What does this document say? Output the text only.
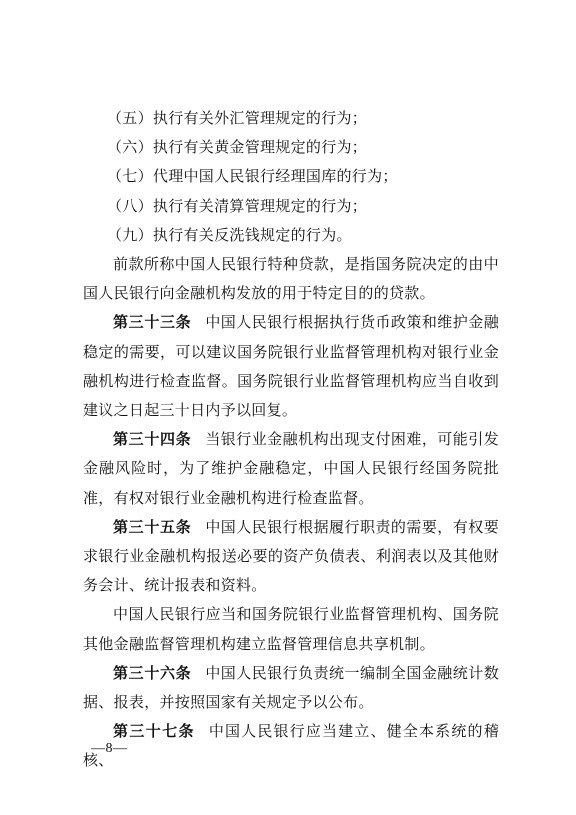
（五）执行有关外汇管理规定的行为；

（六）执行有关黄金管理规定的行为；

（七）代理中国人民银行经理国库的行为；

（八）执行有关清算管理规定的行为；

（九）执行有关反洗钱规定的行为。

前款所称中国人民银行特种贷款，是指国务院决定的由中国人民银行向金融机构发放的用于特定目的的贷款。

第三十三条 中国人民银行根据执行货币政策和维护金融稳定的需要，可以建议国务院银行业监督管理机构对银行业金融机构进行检查监督。国务院银行业监督管理机构应当自收到建议之日起三十日内予以回复。

第三十四条 当银行业金融机构出现支付困难，可能引发金融风险时，为了维护金融稳定，中国人民银行经国务院批准，有权对银行业金融机构进行检查监督。

第三十五条 中国人民银行根据履行职责的需要，有权要求银行业金融机构报送必要的资产负债表、利润表以及其他财务会计、统计报表和资料。

中国人民银行应当和国务院银行业监督管理机构、国务院其他金融监督管理机构建立监督管理信息共享机制。

第三十六条 中国人民银行负责统一编制全国金融统计数据、报表，并按照国家有关规定予以公布。

第三十七条 中国人民银行应当建立、健全本系统的稽核、

—8—
